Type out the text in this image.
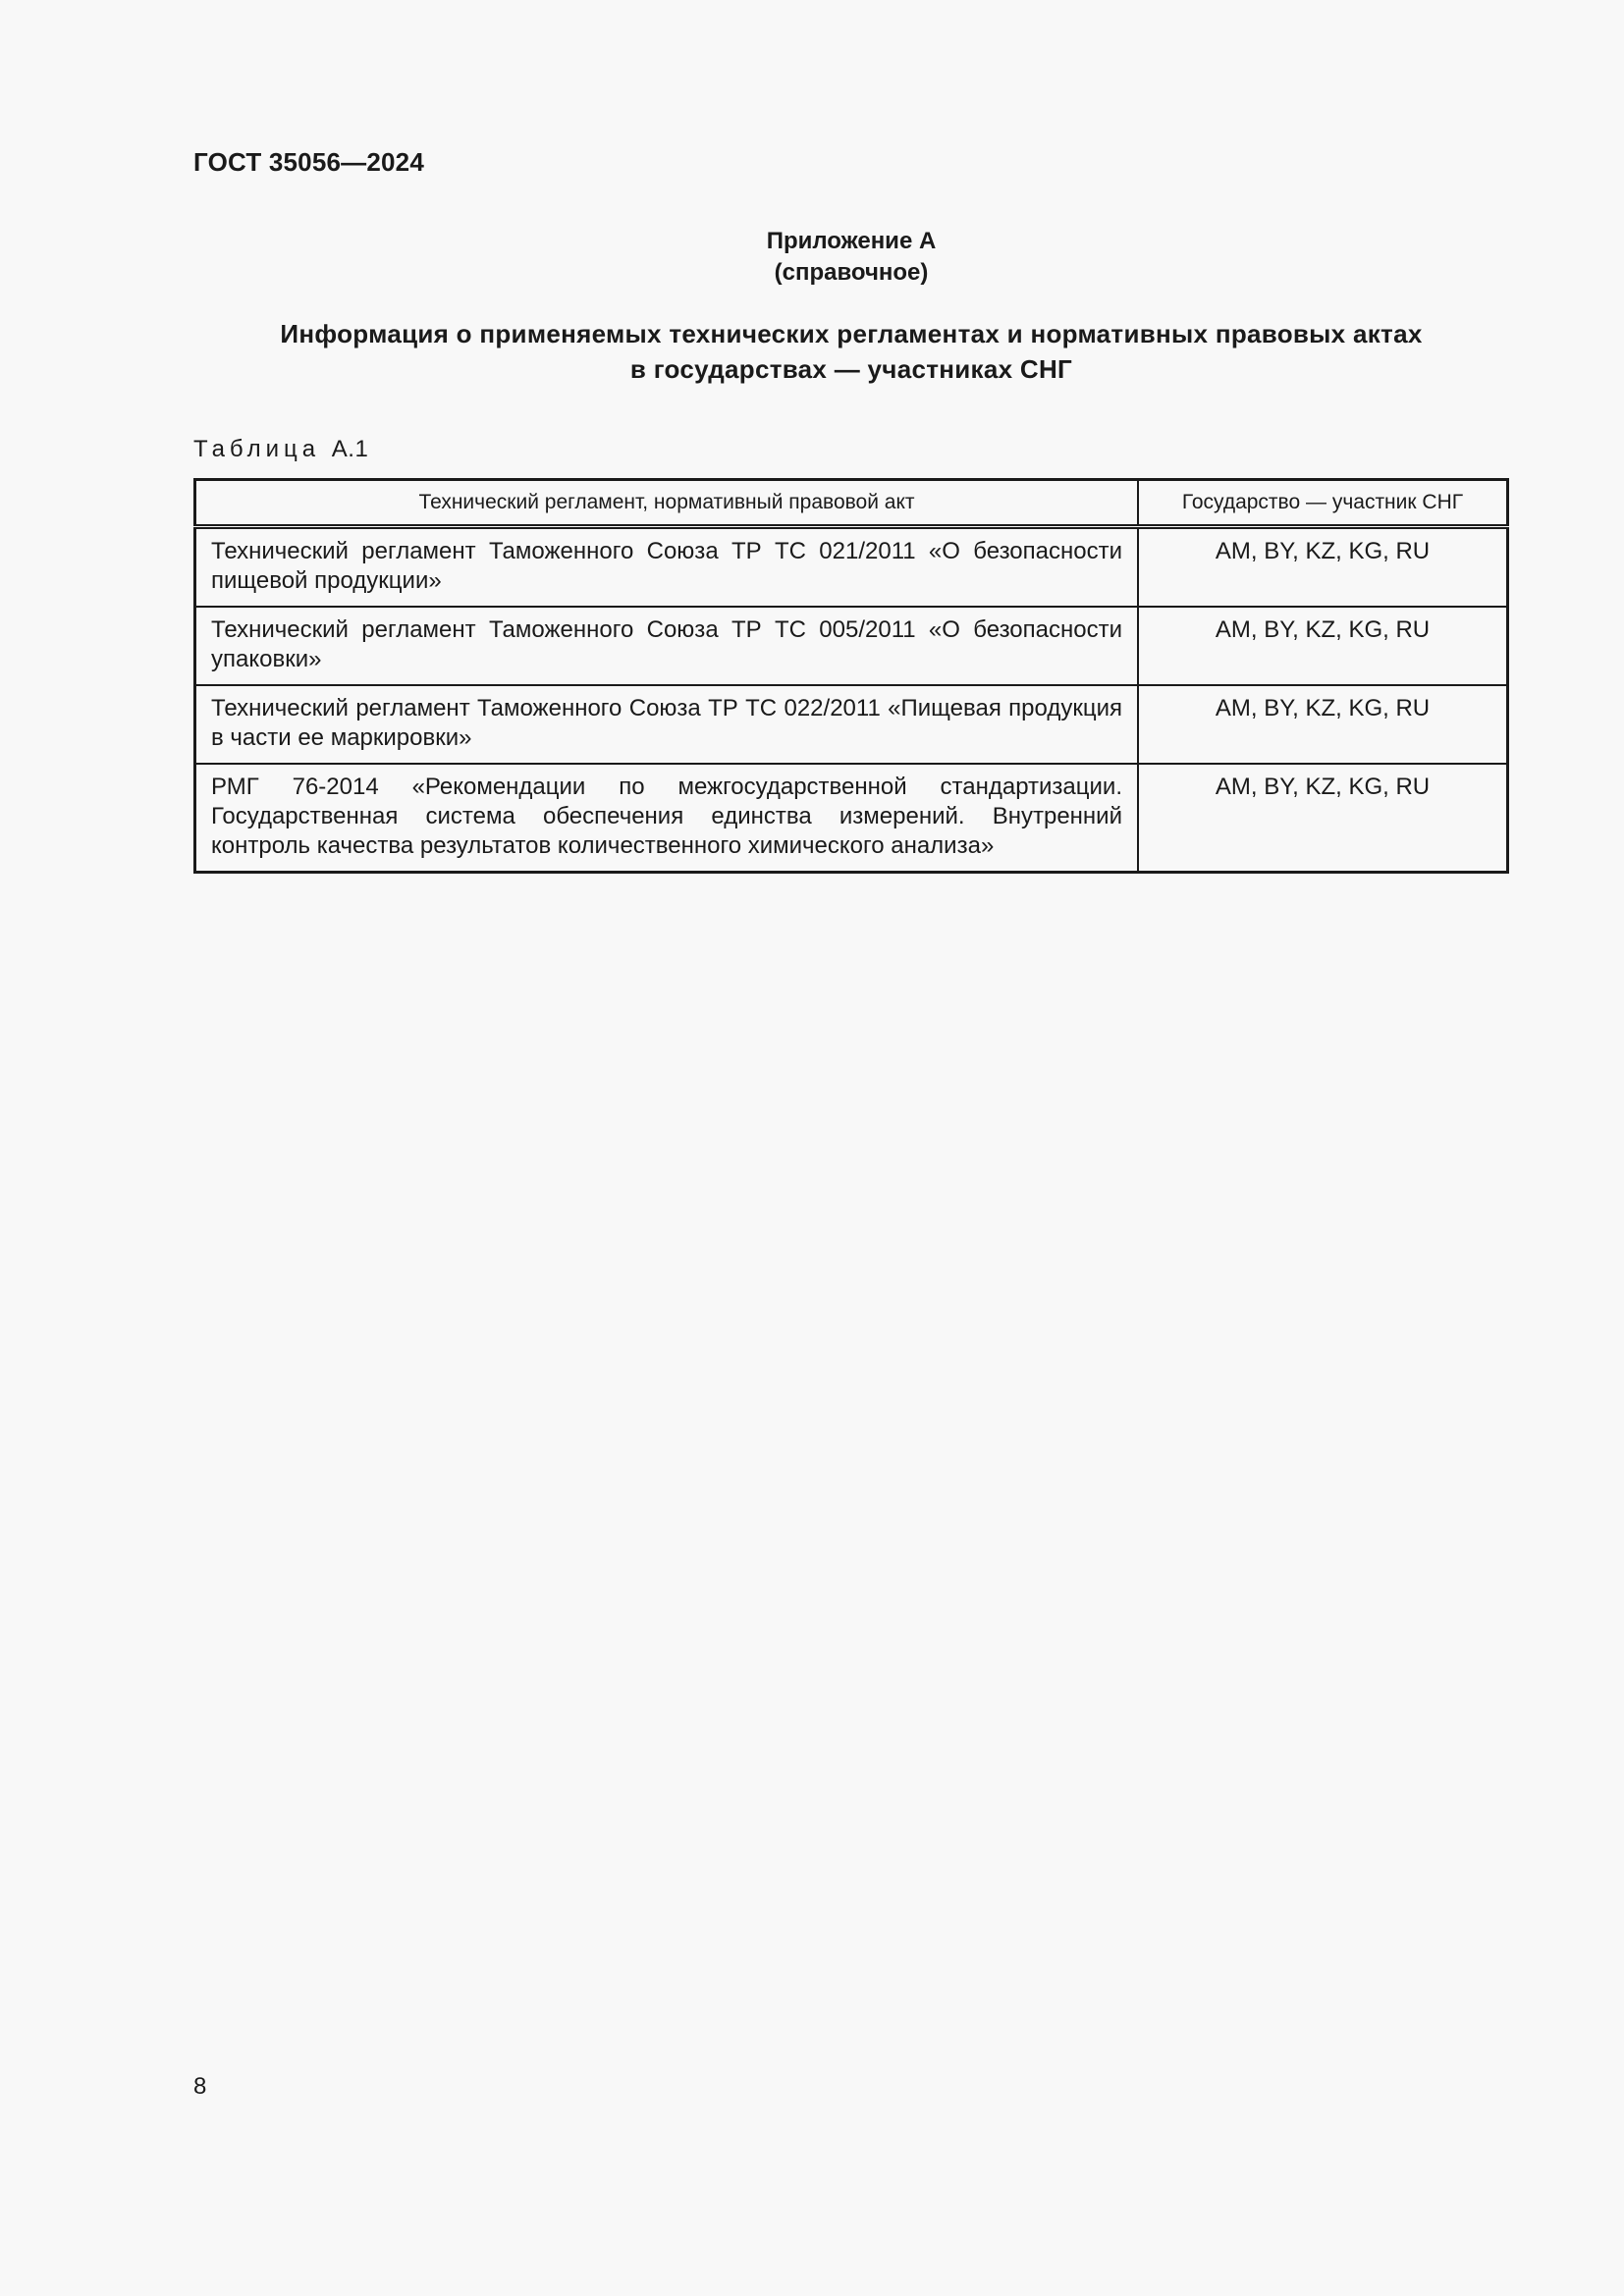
ГОСТ 35056—2024
Приложение А
(справочное)
Информация о применяемых технических регламентах и нормативных правовых актах
в государствах — участниках СНГ
Таблица А.1
Технический регламент, нормативный правовой акт	Государство — участник СНГ
Технический регламент Таможенного Союза ТР ТС 021/2011 «О безопасности пищевой продукции»	AM, BY, KZ, KG, RU
Технический регламент Таможенного Союза ТР ТС 005/2011 «О безопасности упаковки»	AM, BY, KZ, KG, RU
Технический регламент Таможенного Союза ТР ТС 022/2011 «Пищевая продукция в части ее маркировки»	AM, BY, KZ, KG, RU
РМГ 76-2014 «Рекомендации по межгосударственной стандартизации. Государственная система обеспечения единства измерений. Внутренний контроль качества результатов количественного химического анализа»	AM, BY, KZ, KG, RU
8
